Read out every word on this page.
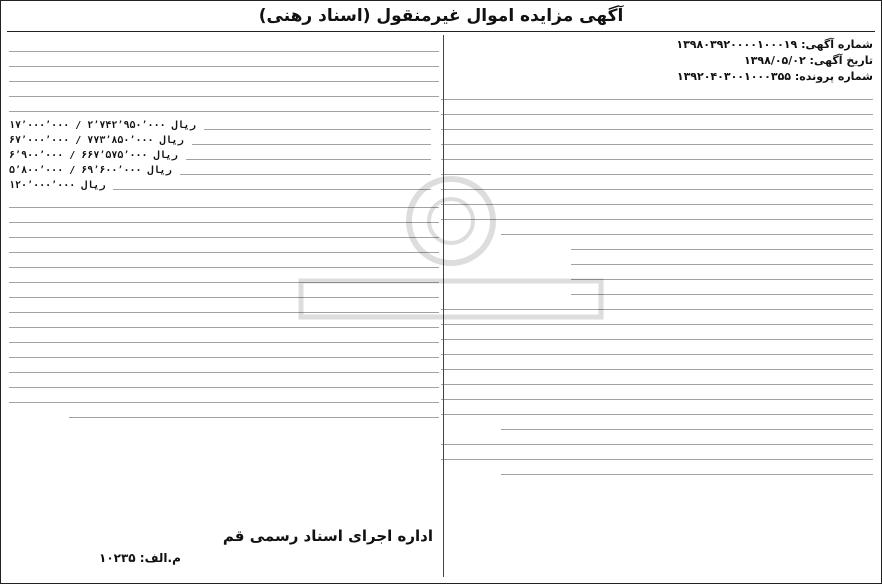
آگهی مزایده اموال غیرمنقول (اسناد رهنی)
شماره آگهی: ۱۳۹۸۰۳۹۲۰۰۰۰۱۰۰۰۱۹
تاریخ آگهی: ۱۳۹۸/۰۵/۰۲
شماره پرونده: ۱۳۹۲۰۴۰۳۰۰۱۰۰۰۳۵۵
۱۷٬۰۰۰٬۰۰۰ / ۲٬۷۴۲٬۹۵۰٬۰۰۰ ریال
۶۷٬۰۰۰٬۰۰۰ / ۷۷۳٬۸۵۰٬۰۰۰ ریال
۶٬۹۰۰٬۰۰۰ / ۶۶۷٬۵۷۵٬۰۰۰ ریال
۵٬۸۰۰٬۰۰۰ / ۶۹٬۶۰۰٬۰۰۰ ریال
۱۲۰٬۰۰۰٬۰۰۰ ریال
اداره اجرای اسناد رسمی قم
م.الف: ۱۰۲۳۵
